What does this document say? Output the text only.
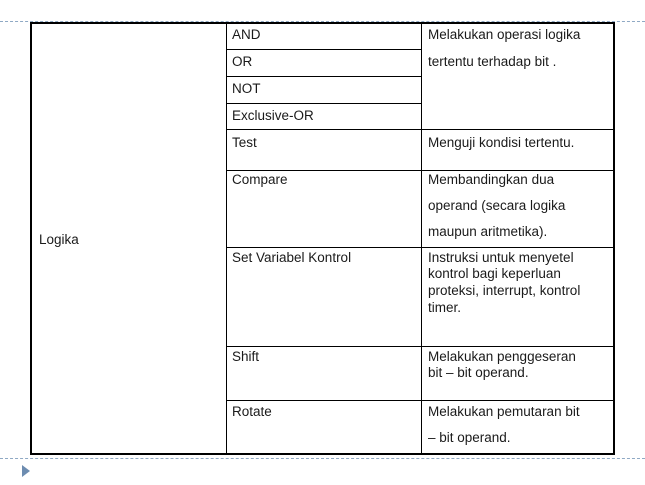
Logika
AND
OR
NOT
Exclusive-OR
Test
Compare
Set Variabel Kontrol
Shift
Rotate
Melakukan operasi logika
tertentu terhadap bit .
Menguji kondisi tertentu.
Membandingkan dua
operand (secara logika
maupun aritmetika).
Instruksi untuk menyetel
kontrol bagi keperluan
proteksi, interrupt, kontrol
timer.
Melakukan penggeseran
bit – bit operand.
Melakukan pemutaran bit
– bit operand.
